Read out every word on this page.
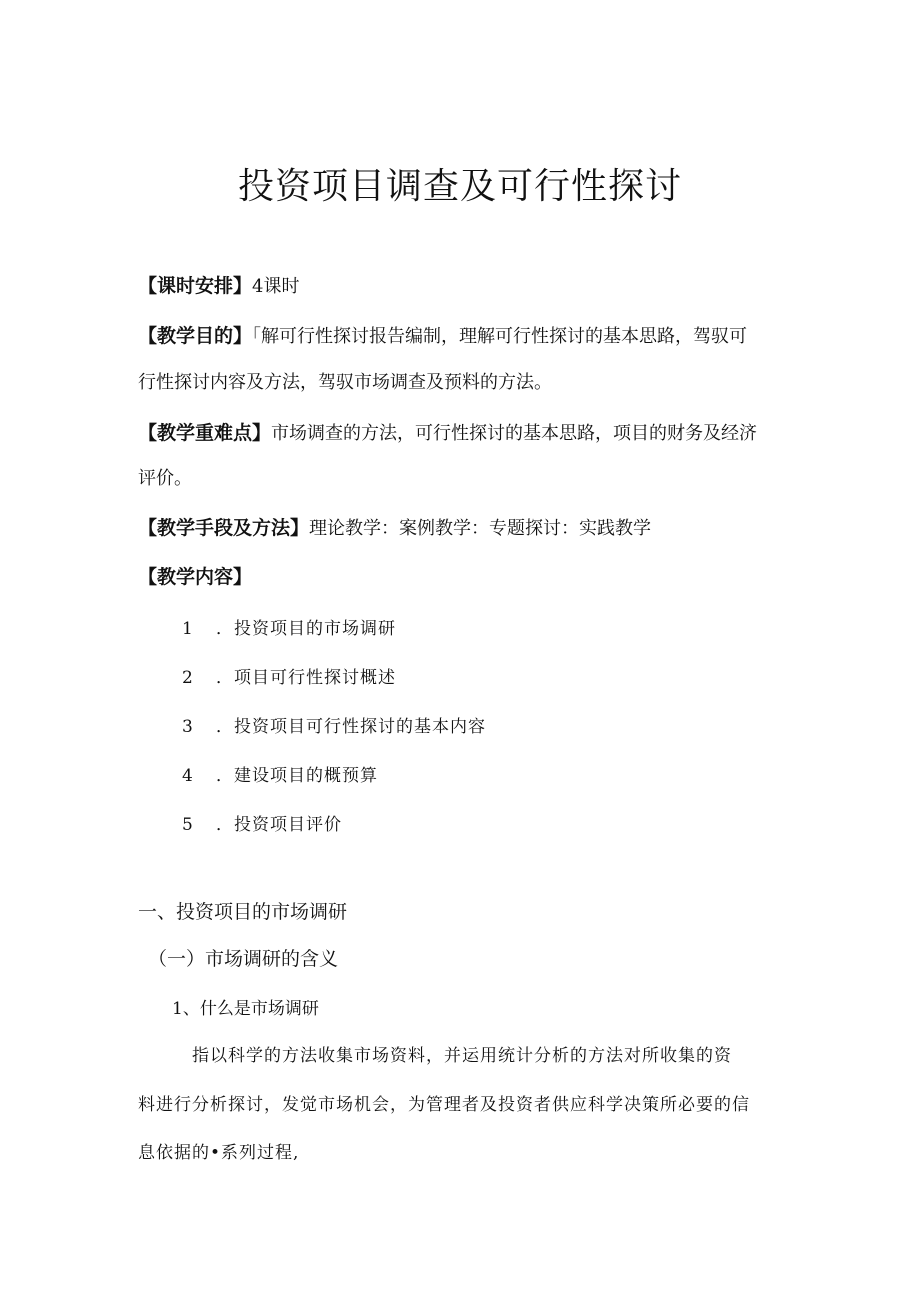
投资项目调查及可行性探讨
【课时安排】4课时
【教学目的】「解可行性探讨报告编制，理解可行性探讨的基本思路，驾驭可
行性探讨内容及方法，驾驭市场调查及预料的方法。
【教学重难点】市场调查的方法，可行性探讨的基本思路，项目的财务及经济
评价。
【教学手段及方法】理论教学：案例教学：专题探讨：实践教学
【教学内容】
1 ．投资项目的市场调研
2 ．项目可行性探讨概述
3 ．投资项目可行性探讨的基本内容
4 ．建设项目的概预算
5 ．投资项目评价
一、投资项目的市场调研
（一）市场调研的含义
1、什么是市场调研
　　　指以科学的方法收集市场资料，并运用统计分析的方法对所收集的资
料进行分析探讨，发觉市场机会，为管理者及投资者供应科学决策所必要的信
息依据的•系列过程,
